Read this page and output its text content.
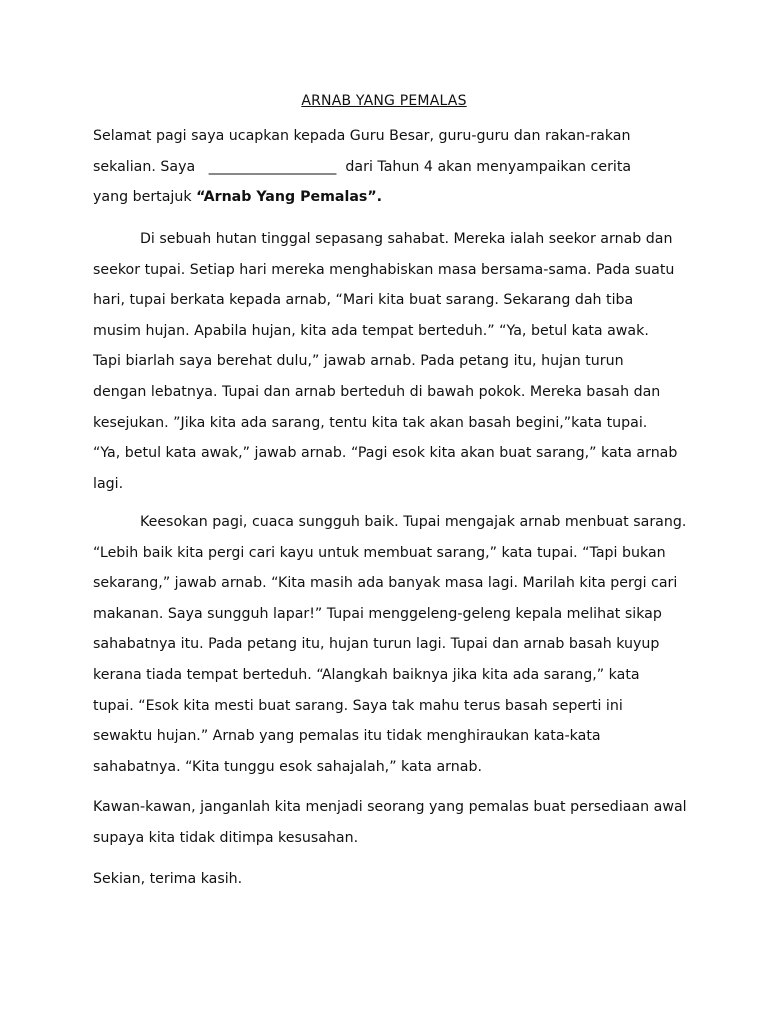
ARNAB YANG PEMALAS
Selamat pagi saya ucapkan kepada Guru Besar, guru-guru dan rakan-rakan
sekalian. Saya __________________ dari Tahun 4 akan menyampaikan cerita
yang bertajuk “Arnab Yang Pemalas”.
Di sebuah hutan tinggal sepasang sahabat. Mereka ialah seekor arnab dan
seekor tupai. Setiap hari mereka menghabiskan masa bersama-sama. Pada suatu
hari, tupai berkata kepada arnab, “Mari kita buat sarang. Sekarang dah tiba
musim hujan. Apabila hujan, kita ada tempat berteduh.” “Ya, betul kata awak.
Tapi biarlah saya berehat dulu,” jawab arnab. Pada petang itu, hujan turun
dengan lebatnya. Tupai dan arnab berteduh di bawah pokok. Mereka basah dan
kesejukan. ”Jika kita ada sarang, tentu kita tak akan basah begini,”kata tupai.
“Ya, betul kata awak,” jawab arnab. “Pagi esok kita akan buat sarang,” kata arnab
lagi.
Keesokan pagi, cuaca sungguh baik. Tupai mengajak arnab menbuat sarang.
“Lebih baik kita pergi cari kayu untuk membuat sarang,” kata tupai. “Tapi bukan
sekarang,” jawab arnab. “Kita masih ada banyak masa lagi. Marilah kita pergi cari
makanan. Saya sungguh lapar!” Tupai menggeleng-geleng kepala melihat sikap
sahabatnya itu. Pada petang itu, hujan turun lagi. Tupai dan arnab basah kuyup
kerana tiada tempat berteduh. “Alangkah baiknya jika kita ada sarang,” kata
tupai. “Esok kita mesti buat sarang. Saya tak mahu terus basah seperti ini
sewaktu hujan.” Arnab yang pemalas itu tidak menghiraukan kata-kata
sahabatnya. “Kita tunggu esok sahajalah,” kata arnab.
Kawan-kawan, janganlah kita menjadi seorang yang pemalas buat persediaan awal
supaya kita tidak ditimpa kesusahan.
Sekian, terima kasih.
